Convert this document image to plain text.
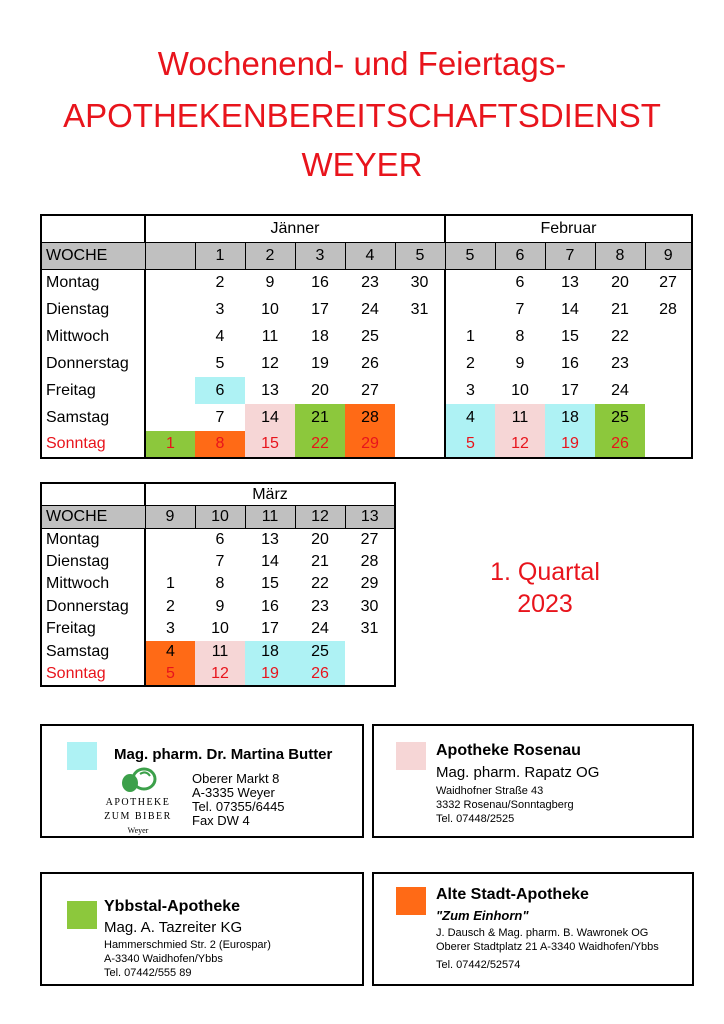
Wochenend- und Feiertags-
APOTHEKENBEREITSCHAFTSDIENST
WEYER
	Jänner						Februar				
WOCHE		1	2	3	4	5	5	6	7	8	9
Montag		2	9	16	23	30		6	13	20	27
Dienstag		3	10	17	24	31		7	14	21	28
Mittwoch		4	11	18	25		1	8	15	22	
Donnerstag		5	12	19	26		2	9	16	23	
Freitag		6	13	20	27		3	10	17	24	
Samstag		7	14	21	28		4	11	18	25	
Sonntag	1	8	15	22	29		5	12	19	26	
	März				
WOCHE	9	10	11	12	13
Montag		6	13	20	27
Dienstag		7	14	21	28
Mittwoch	1	8	15	22	29
Donnerstag	2	9	16	23	30
Freitag	3	10	17	24	31
Samstag	4	11	18	25	
Sonntag	5	12	19	26	
1. Quartal
2023
Mag. pharm. Dr. Martina Butter
APOTHEKE
ZUM BIBER
Weyer
Oberer Markt 8
A-3335 Weyer
Tel. 07355/6445
Fax DW 4
Apotheke Rosenau
Mag. pharm. Rapatz OG
Waidhofner Straße 43
3332 Rosenau/Sonntagberg
Tel. 07448/2525
Ybbstal-Apotheke
Mag. A. Tazreiter KG
Hammerschmied Str. 2 (Eurospar)
A-3340 Waidhofen/Ybbs
Tel. 07442/555 89
Alte Stadt-Apotheke
"Zum Einhorn"
J. Dausch & Mag. pharm. B. Wawronek OG
Oberer Stadtplatz 21 A-3340 Waidhofen/Ybbs
Tel. 07442/52574
